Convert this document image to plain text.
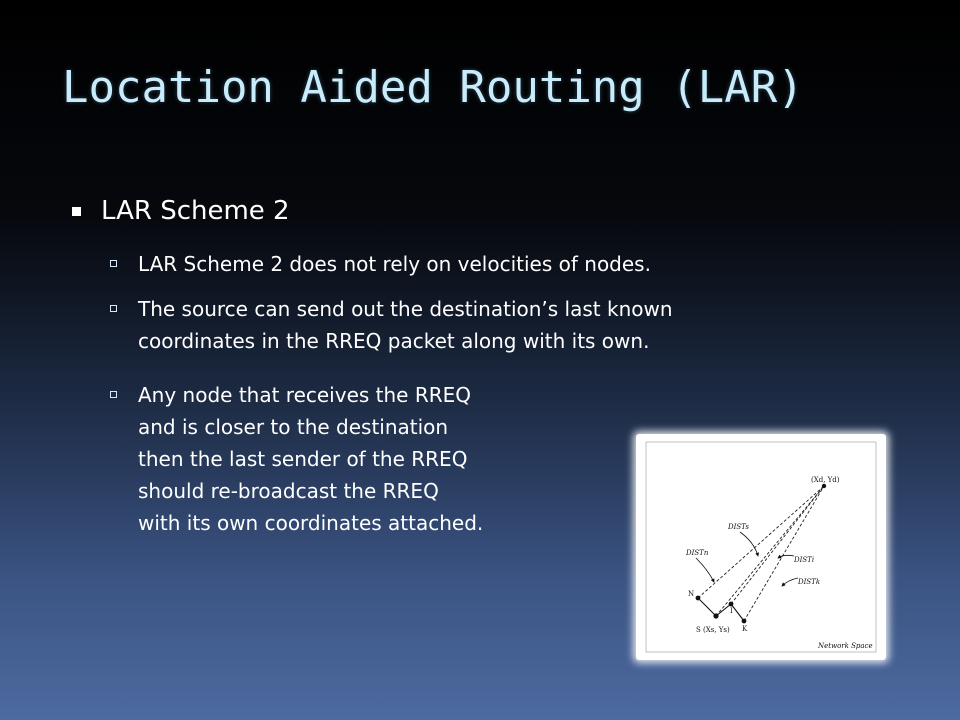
Location Aided Routing (LAR)
LAR Scheme 2
LAR Scheme 2 does not rely on velocities of nodes.
The source can send out the destination’s last known
coordinates in the RREQ packet along with its own.
Any node that receives the RREQ
and is closer to the destination
then the last sender of the RREQ
should re-broadcast the RREQ
with its own coordinates attached.
(Xd, Yd)
DISTs
DISTn
DISTi
DISTk
N
I
K
S (Xs, Ys)
Network Space
